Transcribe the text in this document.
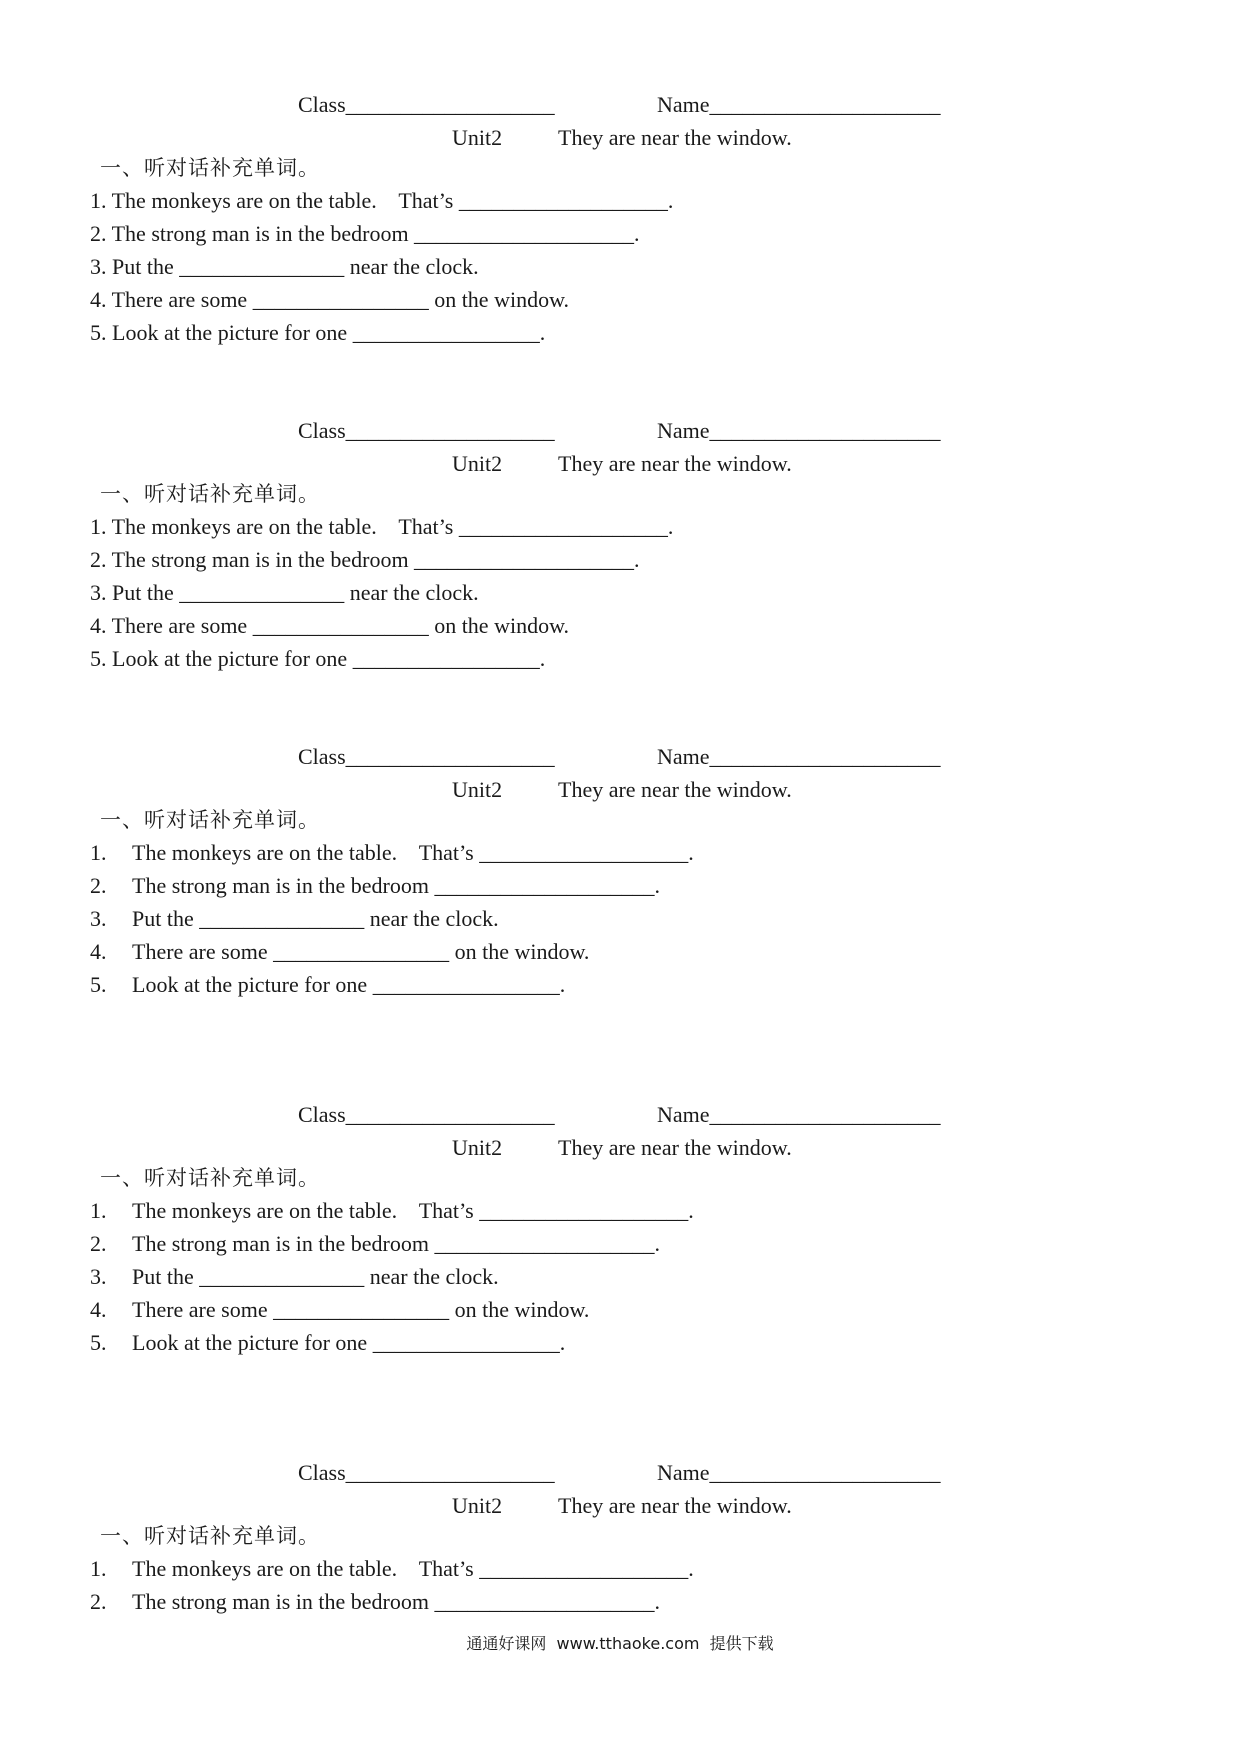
Class___________________	Name_____________________
Unit2	They are near the window.
一、听对话补充单词。
1. The monkeys are on the table.    That’s ___________________.
2. The strong man is in the bedroom ____________________.
3. Put the _______________ near the clock.
4. There are some ________________ on the window.
5. Look at the picture for one _________________.
Class___________________	Name_____________________
Unit2	They are near the window.
一、听对话补充单词。
1. The monkeys are on the table.    That’s ___________________.
2. The strong man is in the bedroom ____________________.
3. Put the _______________ near the clock.
4. There are some ________________ on the window.
5. Look at the picture for one _________________.
Class___________________	Name_____________________
Unit2	They are near the window.
一、听对话补充单词。
1. The monkeys are on the table.    That’s ___________________.
2. The strong man is in the bedroom ____________________.
3. Put the _______________ near the clock.
4. There are some ________________ on the window.
5. Look at the picture for one _________________.
Class___________________	Name_____________________
Unit2	They are near the window.
一、听对话补充单词。
1. The monkeys are on the table.    That’s ___________________.
2. The strong man is in the bedroom ____________________.
3. Put the _______________ near the clock.
4. There are some ________________ on the window.
5. Look at the picture for one _________________.
Class___________________	Name_____________________
Unit2	They are near the window.
一、听对话补充单词。
1. The monkeys are on the table.    That’s ___________________.
2. The strong man is in the bedroom ____________________.
通通好课网  www.tthaoke.com  提供下载
